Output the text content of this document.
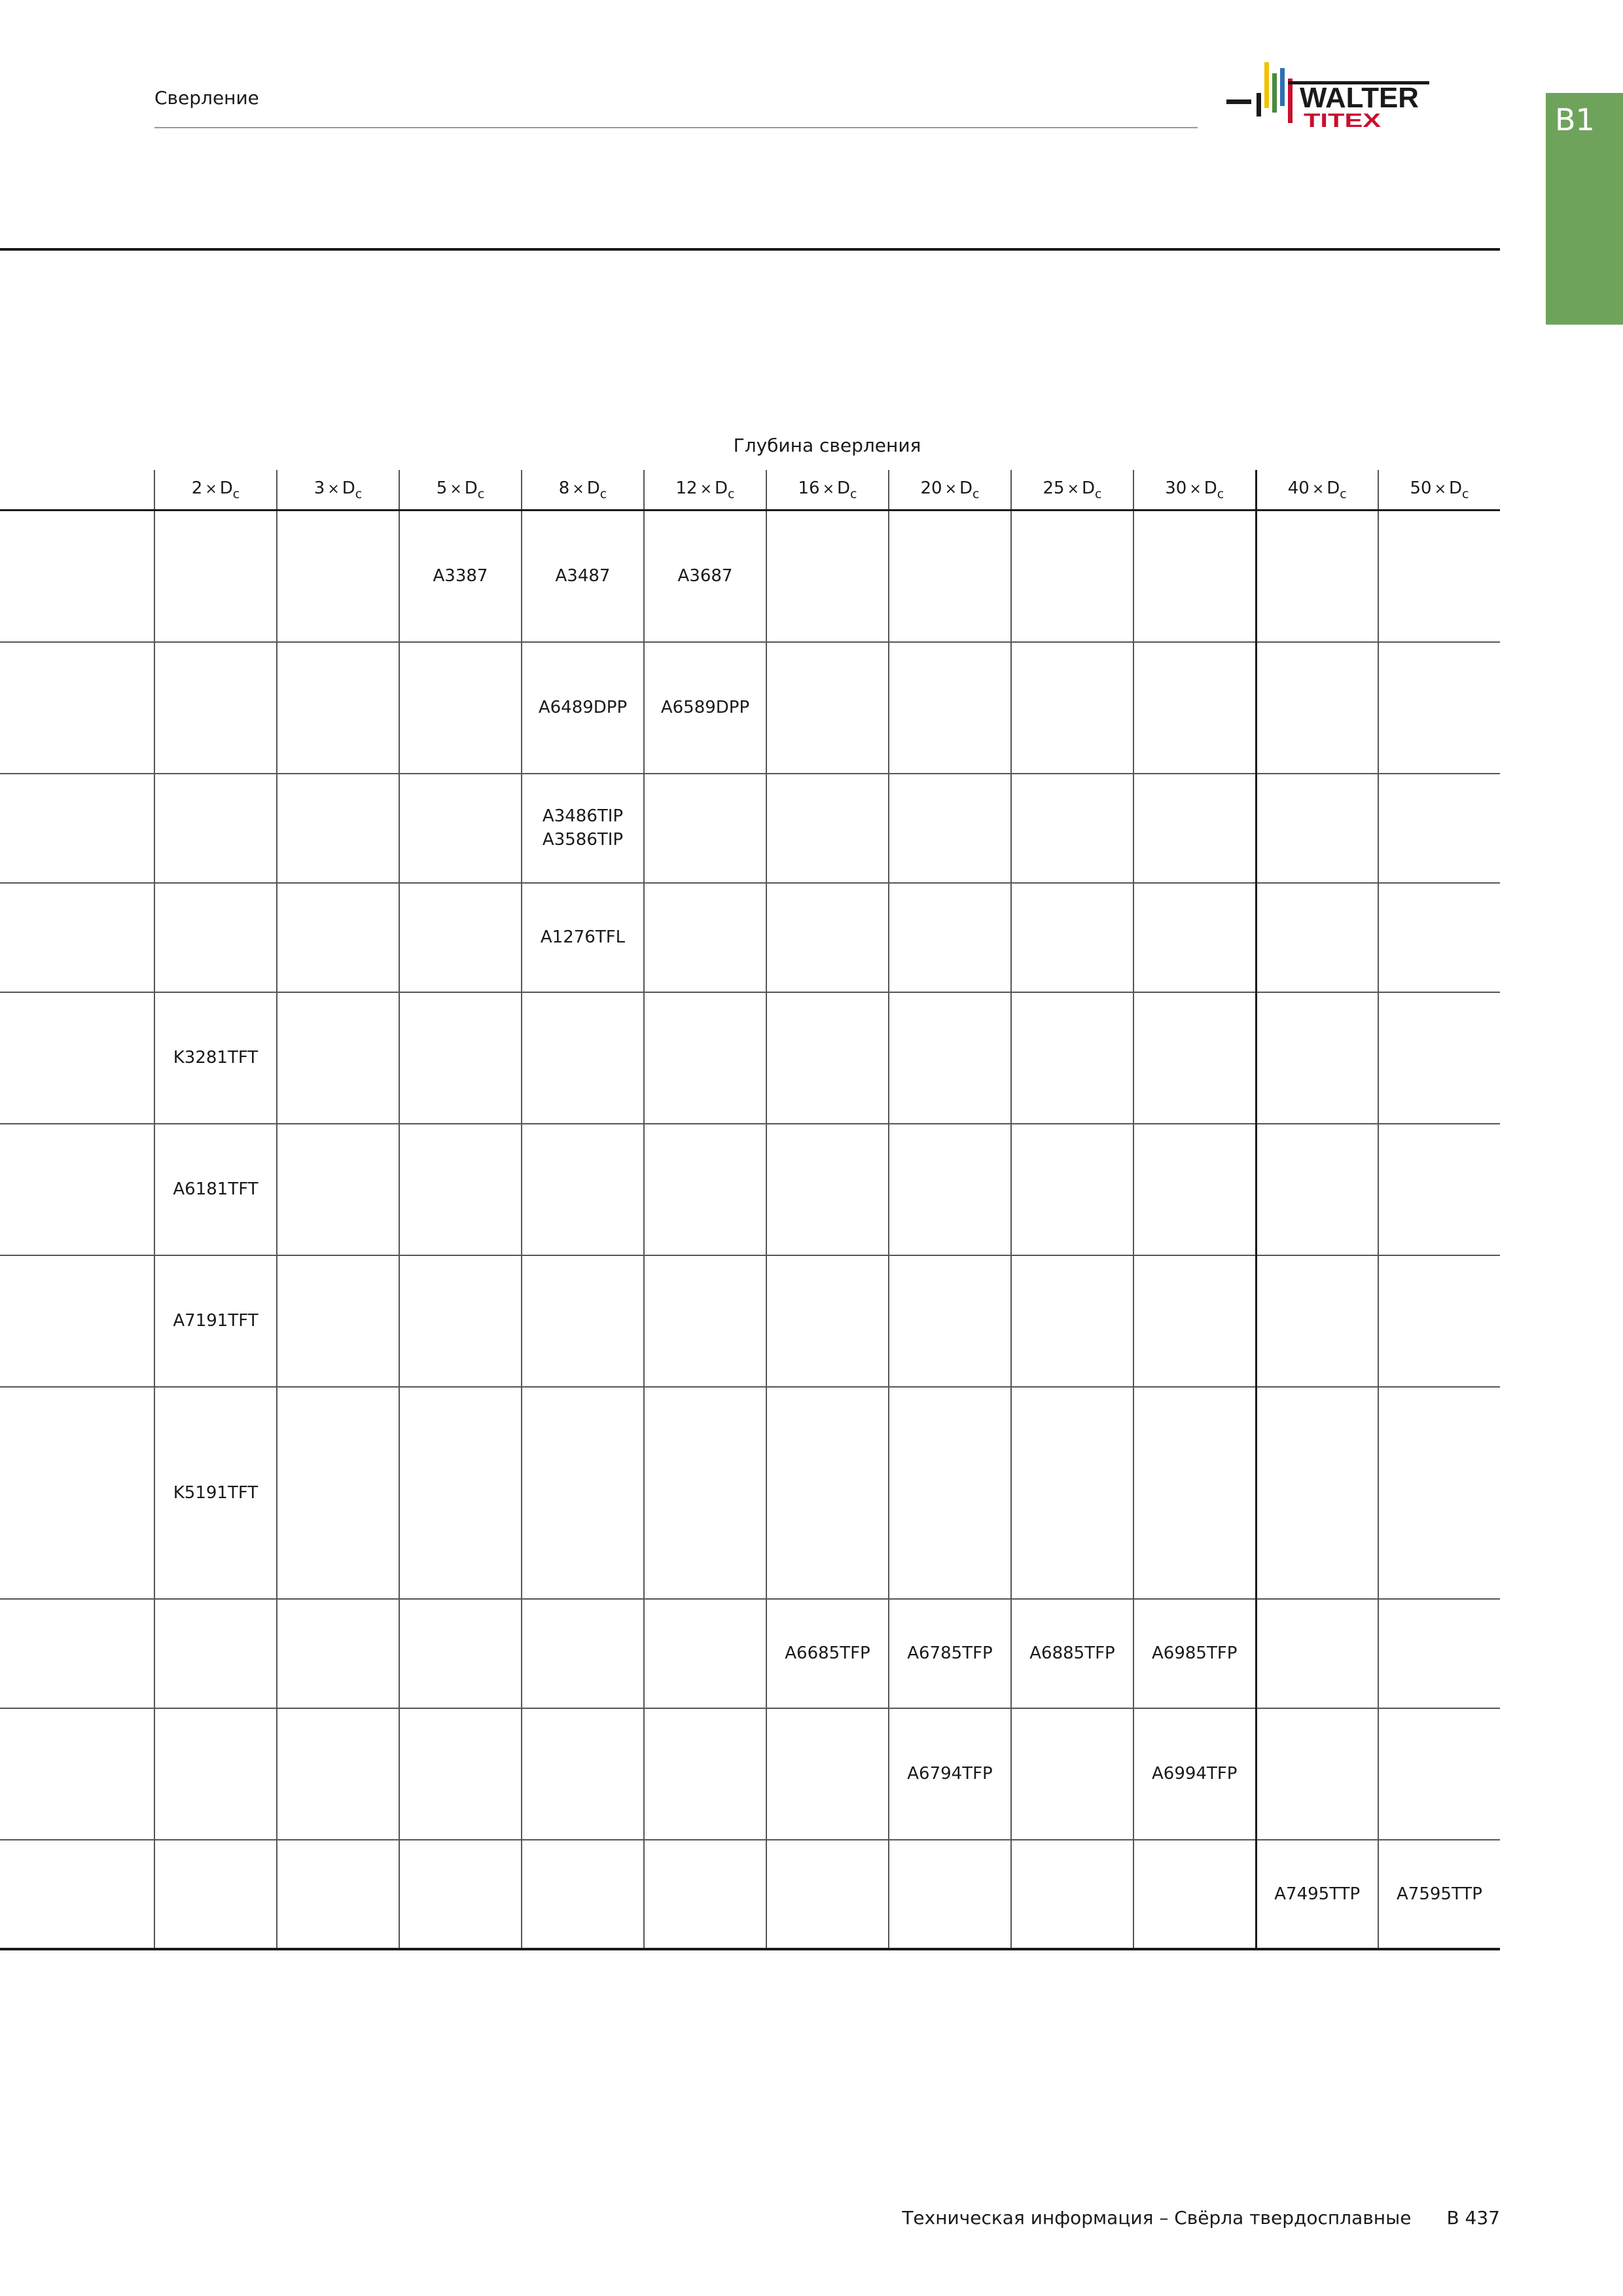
Сверление	WALTER
TITEX	B1
Глубина сверления
	$2 \times D_c$	$3 \times D_c$	$5 \times D_c$	$8 \times D_c$	$12 \times D_c$	$16 \times D_c$	$20 \times D_c$	$25 \times D_c$	$30 \times D_c$	$40 \times D_c$	$50 \times D_c$

			A3387	A3487	A3687						

				A6489DPP	A6589DPP						

				A3486TIP
A3586TIP							

				A1276TFL							

	K3281TFT										

	A6181TFT										

	A7191TFT										

	K5191TFT										

						A6685TFP	A6785TFP	A6885TFP	A6985TFP		

							A6794TFP		A6994TFP		

										A7495TTP	A7595TTP
Техническая информация – Свёрла твердосплавные B 437
